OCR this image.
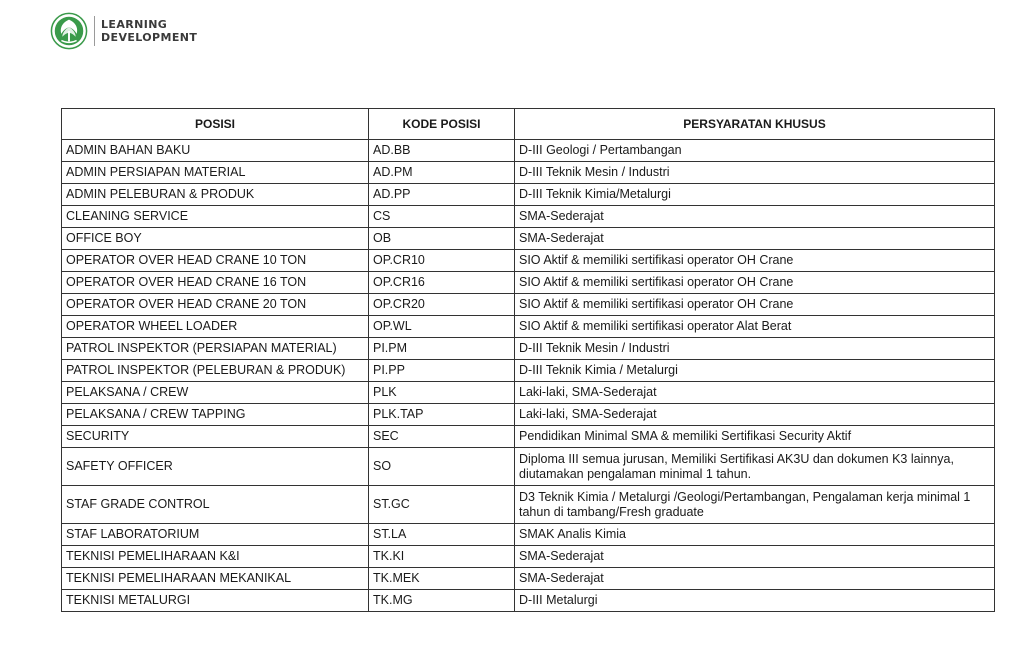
LEARNING
DEVELOPMENT
POSISI	KODE POSISI	PERSYARATAN KHUSUS
ADMIN BAHAN BAKU	AD.BB	D-III Geologi / Pertambangan
ADMIN PERSIAPAN MATERIAL	AD.PM	D-III Teknik Mesin / Industri
ADMIN PELEBURAN & PRODUK	AD.PP	D-III Teknik Kimia/Metalurgi
CLEANING SERVICE	CS	SMA-Sederajat
OFFICE BOY	OB	SMA-Sederajat
OPERATOR OVER HEAD CRANE 10 TON	OP.CR10	SIO Aktif & memiliki sertifikasi operator OH Crane
OPERATOR OVER HEAD CRANE 16 TON	OP.CR16	SIO Aktif & memiliki sertifikasi operator OH Crane
OPERATOR OVER HEAD CRANE 20 TON	OP.CR20	SIO Aktif & memiliki sertifikasi operator OH Crane
OPERATOR WHEEL LOADER	OP.WL	SIO Aktif & memiliki sertifikasi operator Alat Berat
PATROL INSPEKTOR (PERSIAPAN MATERIAL)	PI.PM	D-III Teknik Mesin / Industri
PATROL INSPEKTOR (PELEBURAN & PRODUK)	PI.PP	D-III Teknik Kimia / Metalurgi
PELAKSANA / CREW	PLK	Laki-laki, SMA-Sederajat
PELAKSANA / CREW TAPPING	PLK.TAP	Laki-laki, SMA-Sederajat
SECURITY	SEC	Pendidikan Minimal SMA & memiliki Sertifikasi Security Aktif
SAFETY OFFICER	SO	Diploma III semua jurusan, Memiliki Sertifikasi AK3U dan dokumen K3 lainnya, diutamakan pengalaman minimal 1 tahun.
STAF GRADE CONTROL	ST.GC	D3 Teknik Kimia / Metalurgi /Geologi/Pertambangan, Pengalaman kerja minimal 1 tahun di tambang/Fresh graduate
STAF LABORATORIUM	ST.LA	SMAK Analis Kimia
TEKNISI PEMELIHARAAN K&I	TK.KI	SMA-Sederajat
TEKNISI PEMELIHARAAN MEKANIKAL	TK.MEK	SMA-Sederajat
TEKNISI METALURGI	TK.MG	D-III Metalurgi
